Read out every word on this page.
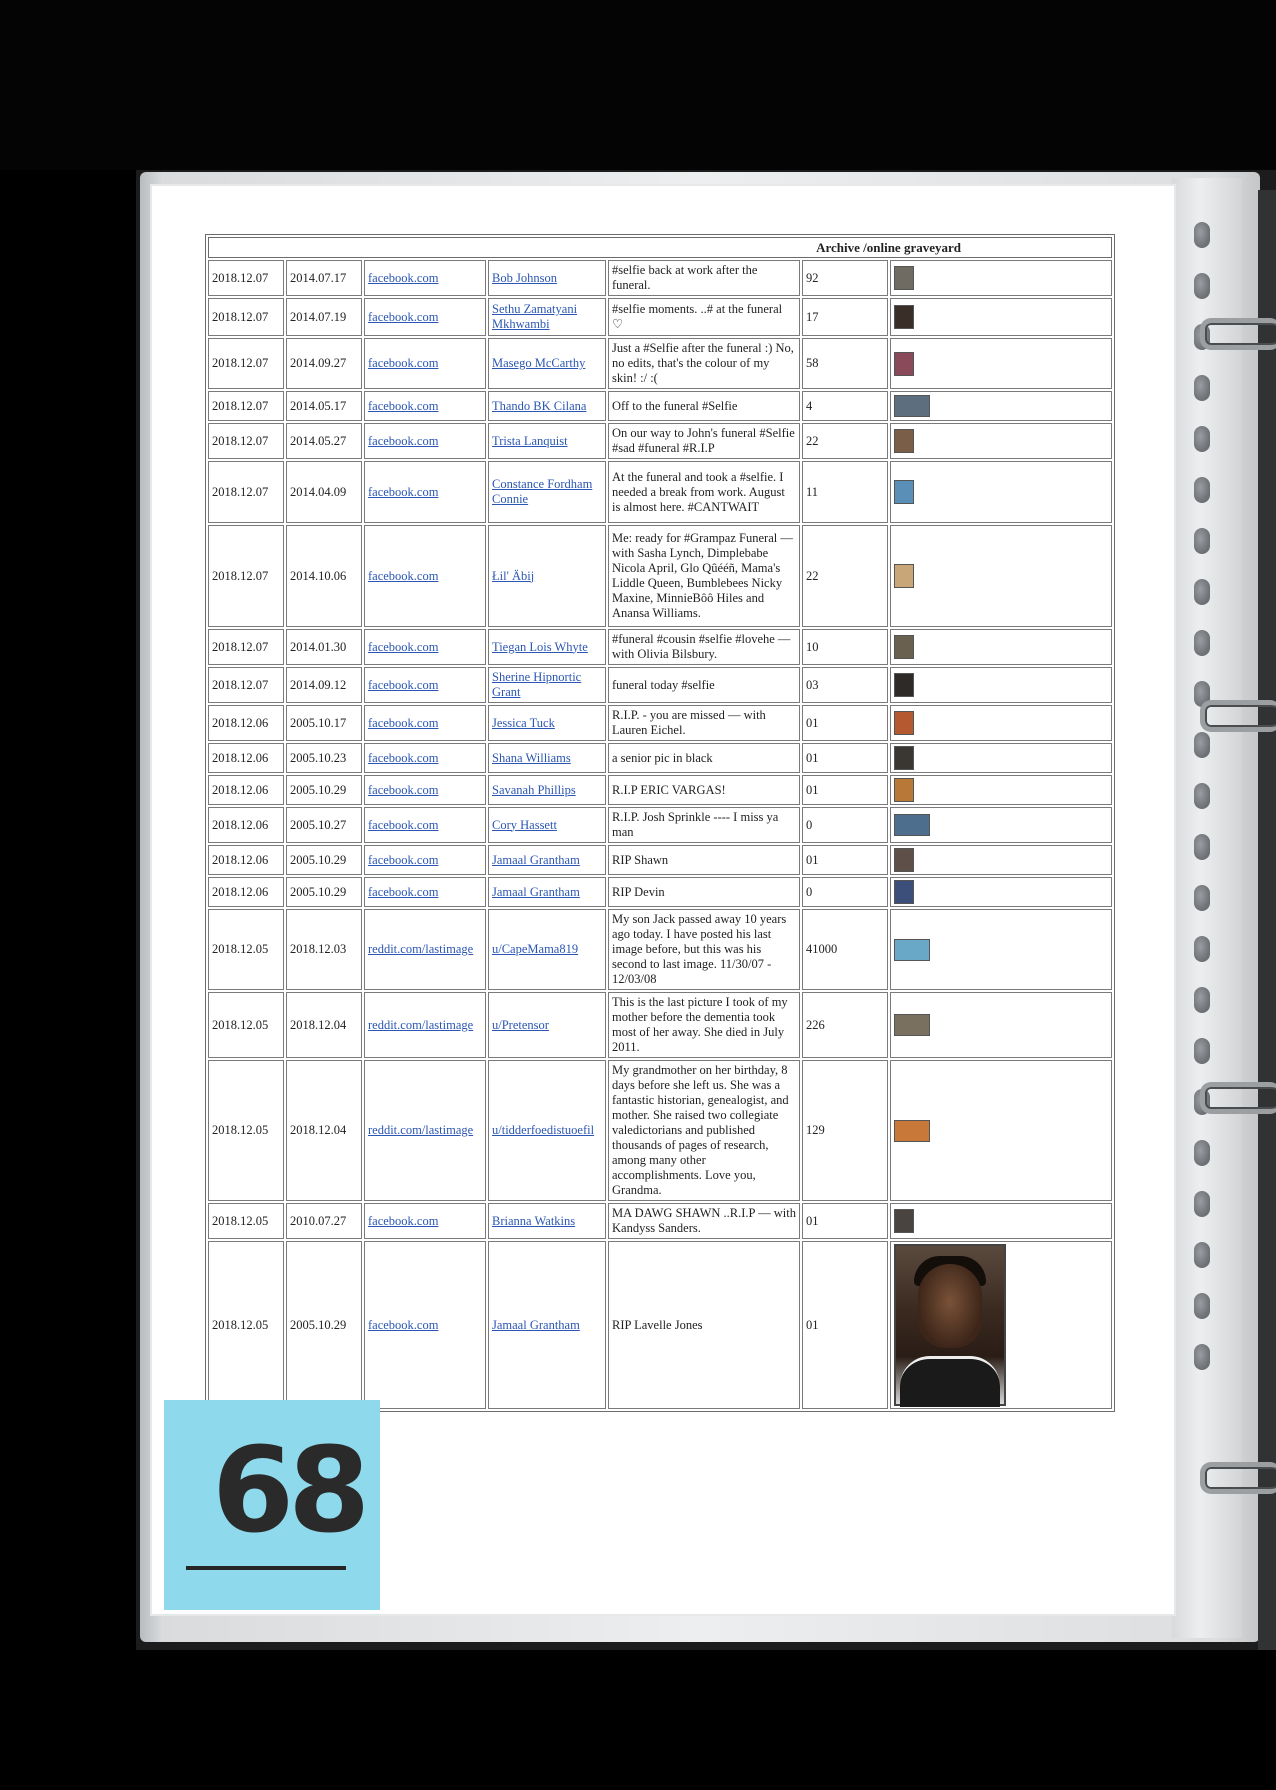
Archive /online graveyard						
2018.12.07	2014.07.17	facebook.com	Bob Johnson	#selfie back at work after the funeral.	92	
2018.12.07	2014.07.19	facebook.com	Sethu Zamatyani Mkhwambi	#selfie moments. ..# at the funeral ♡	17	
2018.12.07	2014.09.27	facebook.com	Masego McCarthy	Just a #Selfie after the funeral :) No, no edits, that's the colour of my skin! :/ :(	58	
2018.12.07	2014.05.17	facebook.com	Thando BK Cilana	Off to the funeral #Selfie	4	
2018.12.07	2014.05.27	facebook.com	Trista Lanquist	On our way to John's funeral #Selfie #sad #funeral #R.I.P	22	
2018.12.07	2014.04.09	facebook.com	Constance Fordham Connie	At the funeral and took a #selfie. I needed a break from work. August is almost here. #CANTWAIT	11	
2018.12.07	2014.10.06	facebook.com	Łil' Äbij	Me: ready for #Grampaz Funeral — with Sasha Lynch, Dimplebabe Nicola April, Glo Qûééñ, Mama's Liddle Queen, Bumblebees Nicky Maxine, MinnieBôô Hiles and Anansa Williams.	22	
2018.12.07	2014.01.30	facebook.com	Tiegan Lois Whyte	#funeral #cousin #selfie #lovehe — with Olivia Bilsbury.	10	
2018.12.07	2014.09.12	facebook.com	Sherine Hipnortic Grant	funeral today #selfie	03	
2018.12.06	2005.10.17	facebook.com	Jessica Tuck	R.I.P. - you are missed — with Lauren Eichel.	01	
2018.12.06	2005.10.23	facebook.com	Shana Williams	a senior pic in black	01	
2018.12.06	2005.10.29	facebook.com	Savanah Phillips	R.I.P ERIC VARGAS!	01	
2018.12.06	2005.10.27	facebook.com	Cory Hassett	R.I.P. Josh Sprinkle ---- I miss ya man	0	
2018.12.06	2005.10.29	facebook.com	Jamaal Grantham	RIP Shawn	01	
2018.12.06	2005.10.29	facebook.com	Jamaal Grantham	RIP Devin	0	
2018.12.05	2018.12.03	reddit.com/lastimage	u/CapeMama819	My son Jack passed away 10 years ago today. I have posted his last image before, but this was his second to last image. 11/30/07 - 12/03/08	41000	
2018.12.05	2018.12.04	reddit.com/lastimage	u/Pretensor	This is the last picture I took of my mother before the dementia took most of her away. She died in July 2011.	226	
2018.12.05	2018.12.04	reddit.com/lastimage	u/tidderfoedistuoefil	My grandmother on her birthday, 8 days before she left us. She was a fantastic historian, genealogist, and mother. She raised two collegiate valedictorians and published thousands of pages of research, among many other accomplishments. Love you, Grandma.	129	
2018.12.05	2010.07.27	facebook.com	Brianna Watkins	MA DAWG SHAWN ..R.I.P — with Kandyss Sanders.	01	
2018.12.05	2005.10.29	facebook.com	Jamaal Grantham	RIP Lavelle Jones	01	
68
